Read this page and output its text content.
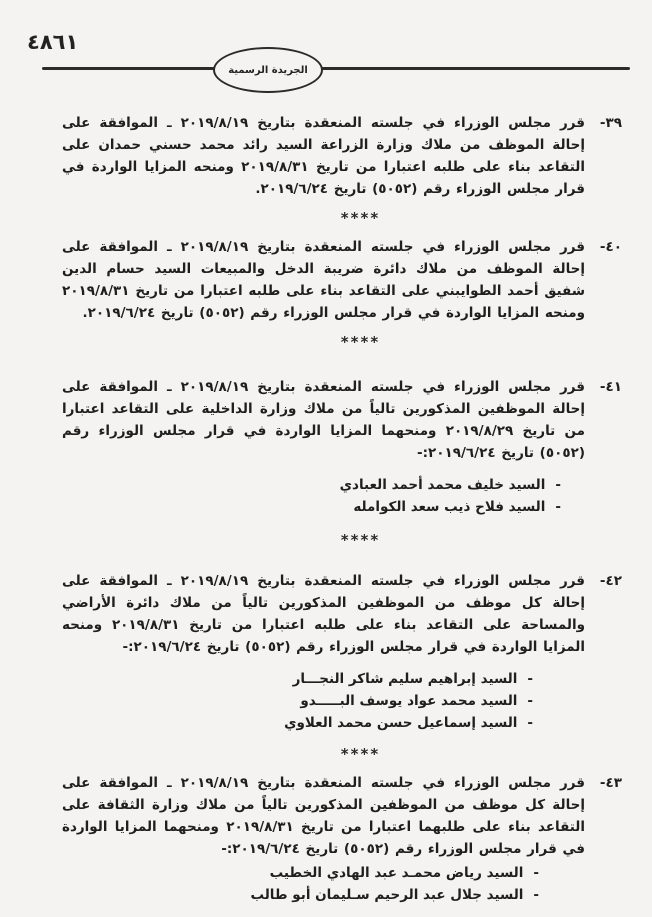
٤٨٦١
الجريدة الرسمية
٣٩-

قرر مجلس الوزراء في جلسته المنعقدة بتاريخ ٢٠١٩/٨/١٩ ـ الموافقة على إحالة الموظف من ملاك وزارة الزراعة السيد رائد محمد حسني حمدان على التقاعد بناء على طلبه اعتبارا من تاريخ ٢٠١٩/٨/٣١ ومنحه المزايا الواردة في قرار مجلس الوزراء رقم (٥٠٥٢) تاريخ ٢٠١٩/٦/٢٤.

****
٤٠-

قرر مجلس الوزراء في جلسته المنعقدة بتاريخ ٢٠١٩/٨/١٩ ـ الموافقة على إحالة الموظف من ملاك دائرة ضريبة الدخل والمبيعات السيد حسام الدين شفيق أحمد الطوايبني على التقاعد بناء على طلبه اعتبارا من تاريخ ٢٠١٩/٨/٣١ ومنحه المزايا الواردة في قرار مجلس الوزراء رقم (٥٠٥٢) تاريخ ٢٠١٩/٦/٢٤.

****
٤١-

قرر مجلس الوزراء في جلسته المنعقدة بتاريخ ٢٠١٩/٨/١٩ ـ الموافقة على إحالة الموظفين المذكورين تالياً من ملاك وزارة الداخلية على التقاعد اعتبارا من تاريخ ٢٠١٩/٨/٢٩ ومنحهما المزايا الواردة في قرار مجلس الوزراء رقم (٥٠٥٢) تاريخ ٢٠١٩/٦/٢٤:-

-
السيد خليف محمد أحمد العبادي
-
السيد فلاح ذيب سعد الكوامله
****
٤٢-

قرر مجلس الوزراء في جلسته المنعقدة بتاريخ ٢٠١٩/٨/١٩ ـ الموافقة على إحالة كل موظف من الموظفين المذكورين تالياً من ملاك دائرة الأراضي والمساحة على التقاعد بناء على طلبه اعتبارا من تاريخ ٢٠١٩/٨/٣١ ومنحه المزايا الواردة في قرار مجلس الوزراء رقم (٥٠٥٢) تاريخ ٢٠١٩/٦/٢٤:-

-
السيد إبراهيم سليم شاكر النجـــار
-
السيد محمد عواد يوسف البـــــدو
-
السيد إسماعيل حسن محمد العلاوي
****
٤٣-

قرر مجلس الوزراء في جلسته المنعقدة بتاريخ ٢٠١٩/٨/١٩ ـ الموافقة على إحالة كل موظف من الموظفين المذكورين تالياً من ملاك وزارة الثقافة على التقاعد بناء على طلبهما اعتبارا من تاريخ ٢٠١٩/٨/٣١ ومنحهما المزايا الواردة في قرار مجلس الوزراء رقم (٥٠٥٢) تاريخ ٢٠١٩/٦/٢٤:-

-
السيد رياض محمـد عبد الهادي الخطيب
-
السيد جلال عبد الرحيم سـليمان أبو طالب
